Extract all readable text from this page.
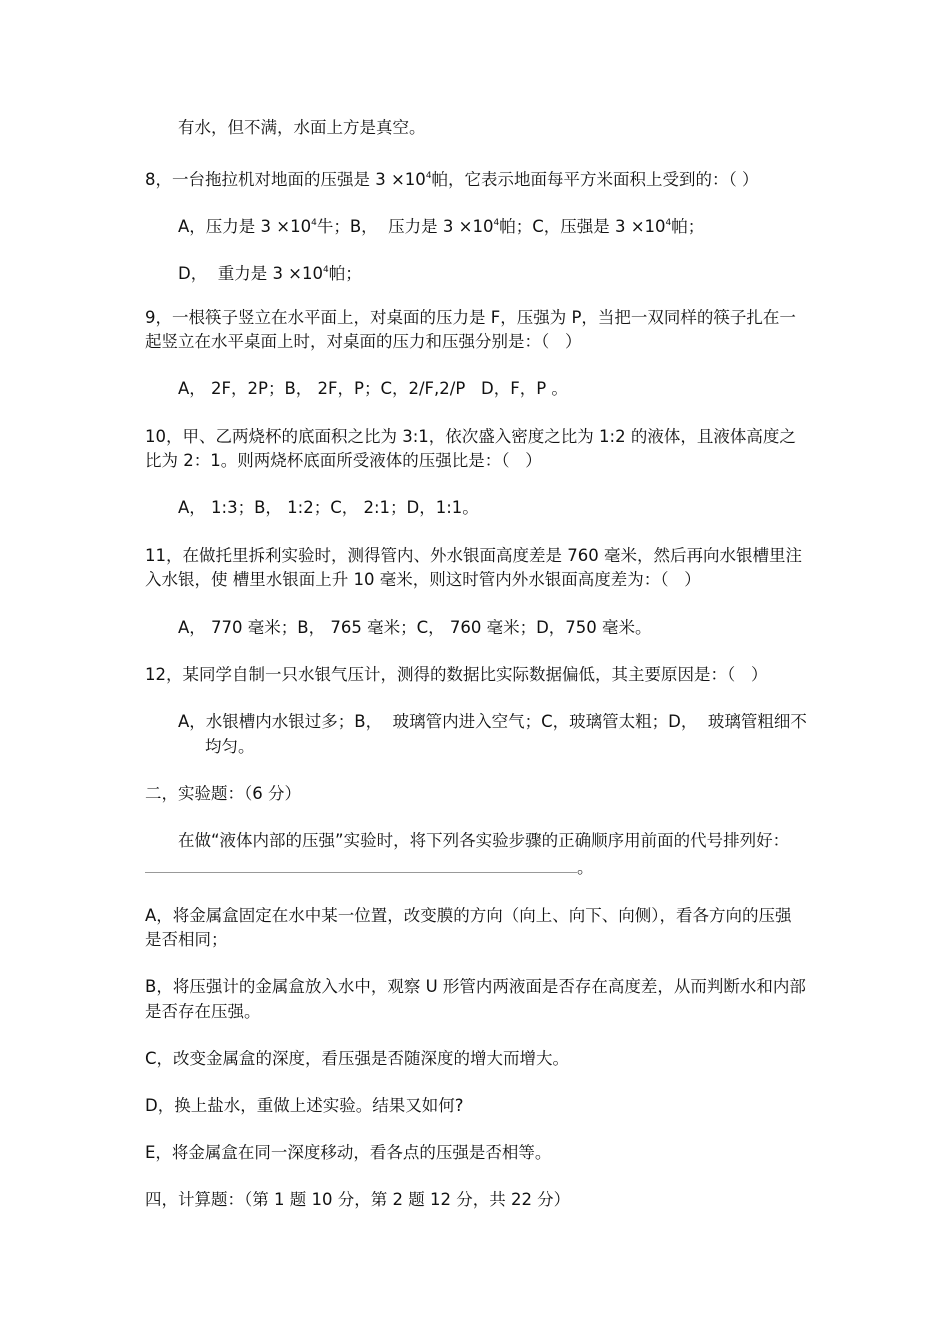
有水，但不满，水面上方是真空。
8，一台拖拉机对地面的压强是 $3 \times 10^4$帕，它表示地面每平方米面积上受到的：（ ）
A，压力是 $3 \times 10^4$牛；B，  压力是 $3 \times 10^4$帕；C，压强是 $3 \times 10^4$帕；
D，  重力是 $3 \times 10^4$帕；
9，一根筷子竖立在水平面上，对桌面的压力是 F，压强为 P，当把一双同样的筷子扎在一
起竖立在水平桌面上时，对桌面的压力和压强分别是：（   ）
A， 2F，2P；B， 2F，P；C，2/F,2/P   D，F，P 。
10，甲、乙两烧杯的底面积之比为 3:1，依次盛入密度之比为 1:2 的液体，且液体高度之
比为 2：1。则两烧杯底面所受液体的压强比是：（   ）
A， 1:3；B， 1:2；C， 2:1；D，1:1。
11，在做托里拆利实验时，测得管内、外水银面高度差是 760 毫米，然后再向水银槽里注
入水银，使 槽里水银面上升 10 毫米，则这时管内外水银面高度差为：（   ）
A， 770 毫米；B， 765 毫米；C， 760 毫米；D，750 毫米。
12，某同学自制一只水银气压计，测得的数据比实际数据偏低，其主要原因是：（   ）
A，水银槽内水银过多；B，  玻璃管内进入空气；C，玻璃管太粗；D，  玻璃管粗细不
均匀。
二，实验题：（6 分）
在做“液体内部的压强”实验时，将下列各实验步骤的正确顺序用前面的代号排列好：
。
A，将金属盒固定在水中某一位置，改变膜的方向（向上、向下、向侧），看各方向的压强
是否相同；
B，将压强计的金属盒放入水中，观察 U 形管内两液面是否存在高度差，从而判断水和内部
是否存在压强。
C，改变金属盒的深度，看压强是否随深度的增大而增大。
D，换上盐水，重做上述实验。结果又如何?
E，将金属盒在同一深度移动，看各点的压强是否相等。
四，计算题：（第 1 题 10 分，第 2 题 12 分，共 22 分）
